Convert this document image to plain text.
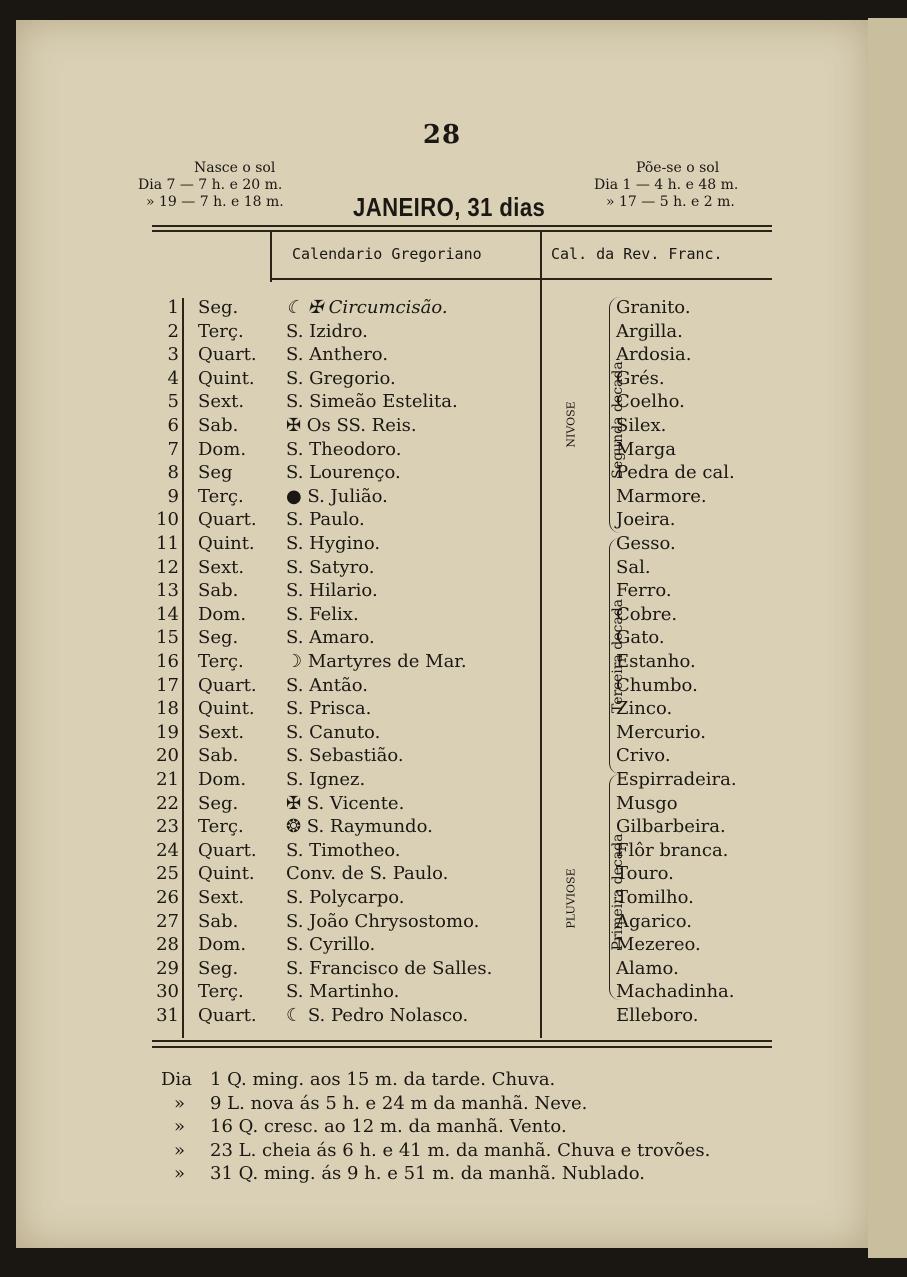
28
Nasce o sol
Dia 7 — 7 h. e 20 m.
» 19 — 7 h. e 18 m.	JANEIRO, 31 dias
Põe-se o sol
Dia 1 — 4 h. e 48 m.
» 17 — 5 h. e 2 m.
Calendario Gregoriano	Cal. da Rev. Franc.
1 Seg.	☾ ✠ Circumcisão.	Granito.
2 Terç. S. Izidro.	Argilla.
3 Quart. S. Anthero.	Ardosia.
4 Quint. S. Gregorio.	Grés.
5 Sext. S. Simeão Estelita.	Coelho.
6 Sab.	✠ Os SS. Reis.	Silex.
7 Dom. S. Theodoro.	Marga
8 Seg	S. Lourenço.	Pedra de cal.
9 Terç. ● S. Julião.	Marmore.
10 Quart. S. Paulo.	Joeira.
11 Quint. S. Hygino.	Gesso.
12 Sext. S. Satyro.	Sal.
13 Sab.	S. Hilario.	Ferro.
14 Dom. S. Felix.	Cobre.
15 Seg.	S. Amaro.	Gato.
16 Terç. ☽ Martyres de Mar.	Estanho.
17 Quart. S. Antão.	Chumbo.
18 Quint. S. Prisca.	Zinco.
19 Sext. S. Canuto.	Mercurio.
20 Sab.	S. Sebastião.	Crivo.
21 Dom. S. Ignez.	Espirradeira.
22 Seg.	✠ S. Vicente.	Musgo
23 Terç. ❂ S. Raymundo.	Gilbarbeira.
24 Quart. S. Timotheo.	Flôr branca.
25 Quint. Conv. de S. Paulo.	Touro.
26 Sext. S. Polycarpo.	Tomilho.
27 Sab.	S. João Chrysostomo.	Agarico.
28 Dom. S. Cyrillo.	Mezereo.
29 Seg.	S. Francisco de Salles.	Alamo.
30 Terç. S. Martinho.	Machadinha.
31 Quart. ☾ S. Pedro Nolasco.	Elleboro.
NIVOSE Segunda decada
Terceira decada
PLUVIOSE Primeira decada
Dia 1 Q. ming. aos 15 m. da tarde. Chuva.
» 9 L. nova ás 5 h. e 24 m da manhã. Neve.
» 16 Q. cresc. ao 12 m. da manhã. Vento.
» 23 L. cheia ás 6 h. e 41 m. da manhã. Chuva e trovões.
» 31 Q. ming. ás 9 h. e 51 m. da manhã. Nublado.
